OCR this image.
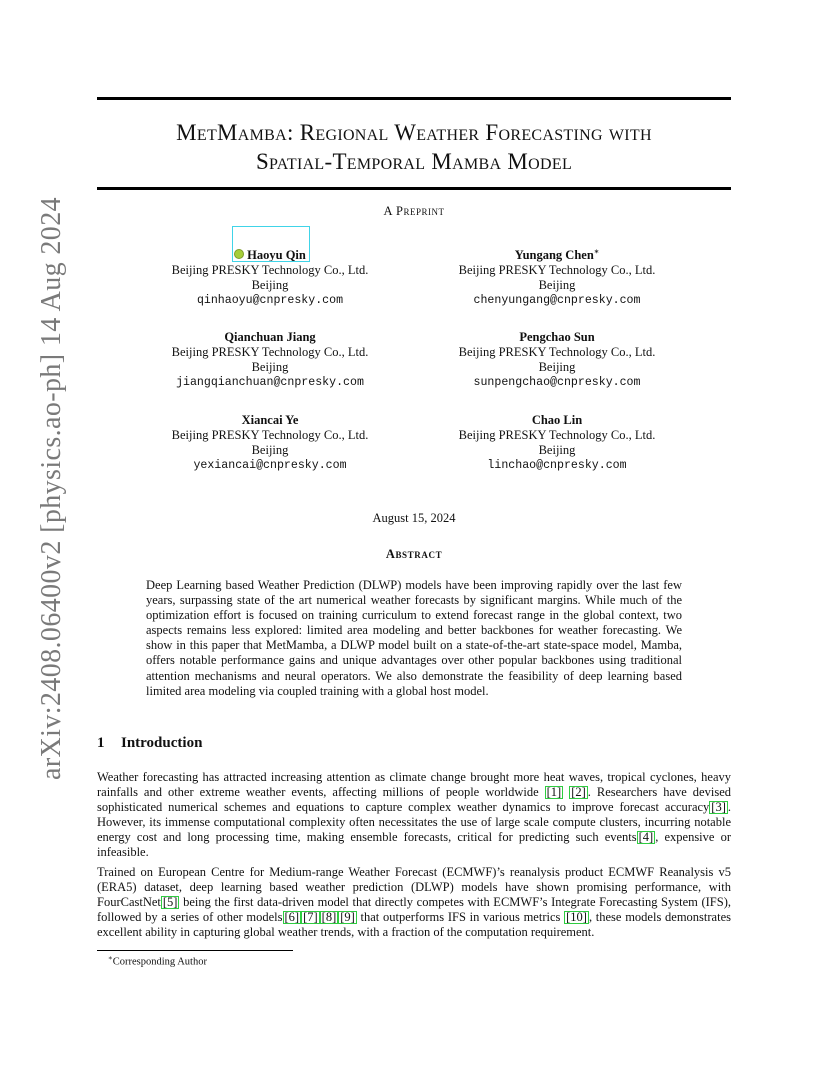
arXiv:2408.06400v2 [physics.ao-ph] 14 Aug 2024
MetMamba: Regional Weather Forecasting with
Spatial-Temporal Mamba Model
A Preprint
Haoyu Qin
Beijing PRESKY Technology Co., Ltd.
Beijing
qinhaoyu@cnpresky.com
Yungang Chen∗
Beijing PRESKY Technology Co., Ltd.
Beijing
chenyungang@cnpresky.com
Qianchuan Jiang
Beijing PRESKY Technology Co., Ltd.
Beijing
jiangqianchuan@cnpresky.com
Pengchao Sun
Beijing PRESKY Technology Co., Ltd.
Beijing
sunpengchao@cnpresky.com
Xiancai Ye
Beijing PRESKY Technology Co., Ltd.
Beijing
yexiancai@cnpresky.com
Chao Lin
Beijing PRESKY Technology Co., Ltd.
Beijing
linchao@cnpresky.com
August 15, 2024
Abstract
Deep Learning based Weather Prediction (DLWP) models have been improving rapidly over the last few years, surpassing state of the art numerical weather forecasts by significant margins. While much of the optimization effort is focused on training curriculum to extend forecast range in the global context, two aspects remains less explored: limited area modeling and better backbones for weather forecasting. We show in this paper that MetMamba, a DLWP model built on a state-of-the-art state-space model, Mamba, offers notable performance gains and unique advantages over other popular backbones using traditional attention mechanisms and neural operators. We also demonstrate the feasibility of deep learning based limited area modeling via coupled training with a global host model.
1 Introduction
Weather forecasting has attracted increasing attention as climate change brought more heat waves, tropical cyclones, heavy rainfalls and other extreme weather events, affecting millions of people worldwide [1] [2] . Researchers have devised sophisticated numerical schemes and equations to capture complex weather dynamics to improve forecast accuracy [3] . However, its immense computational complexity often necessitates the use of large scale compute clusters, incurring notable energy cost and long processing time, making ensemble forecasts, critical for predicting such events [4] , expensive or infeasible.
Trained on European Centre for Medium-range Weather Forecast (ECMWF)’s reanalysis product ECMWF Reanalysis v5 (ERA5) dataset, deep learning based weather prediction (DLWP) models have shown promising performance, with FourCastNet [5] being the first data-driven model that directly competes with ECMWF’s Integrate Forecasting System (IFS), followed by a series of other models [6] [7] [8] [9] that outperforms IFS in various metrics [10] , these models demonstrates excellent ability in capturing global weather trends, with a fraction of the computation requirement.
∗Corresponding Author
